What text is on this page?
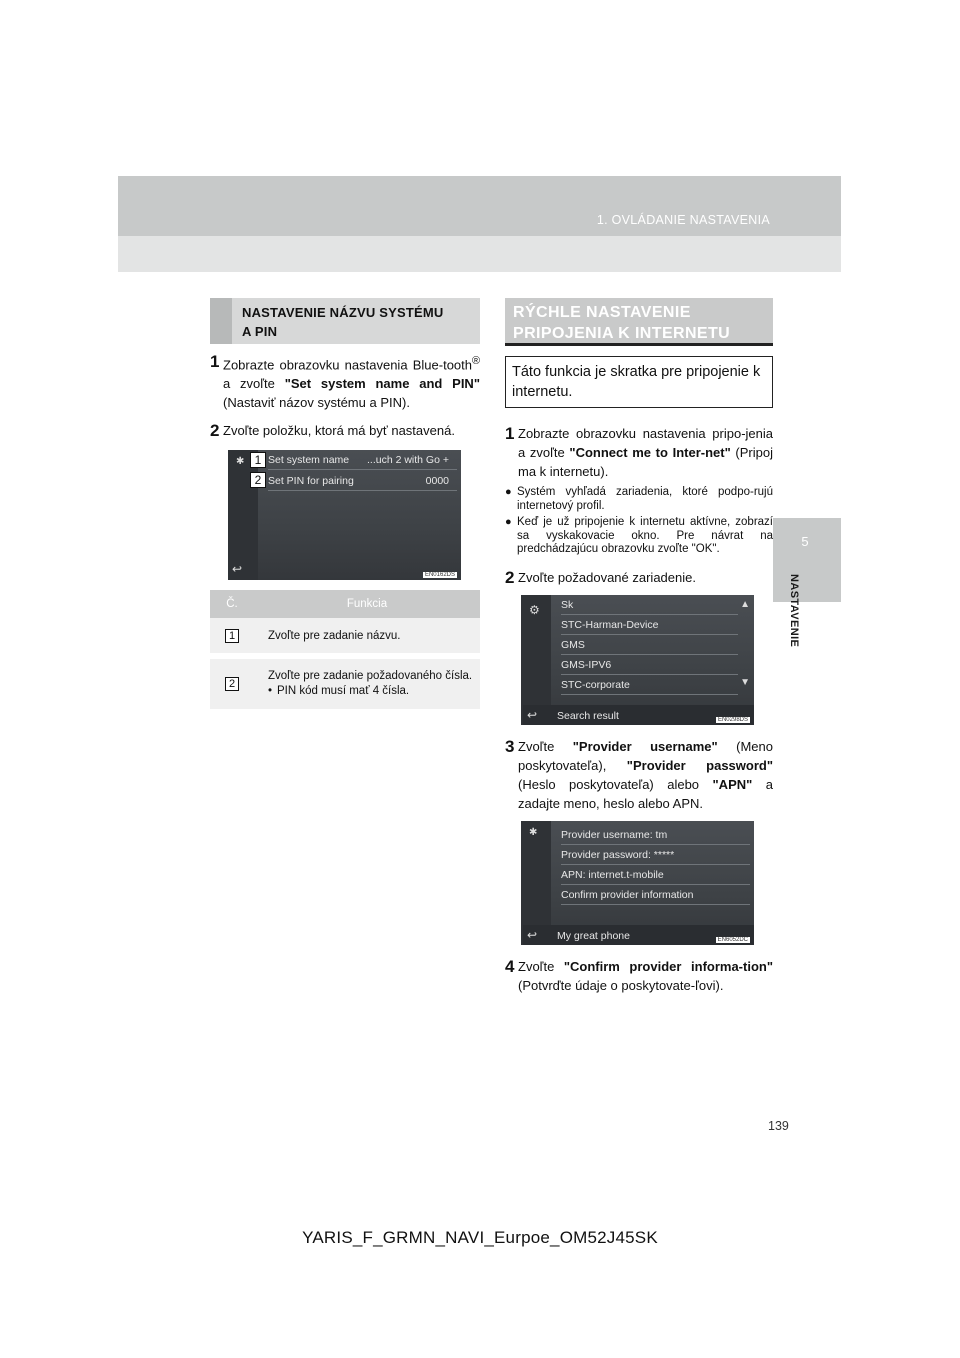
1. OVLÁDANIE NASTAVENIA
5
NASTAVENIE
NASTAVENIE NÁZVU SYSTÉMU
A PIN
1 Zobrazte obrazovku nastavenia Blue-tooth® a zvoľte "Set system name and PIN" (Nastaviť názov systému a PIN).
2 Zvoľte položku, ktorá má byť nastavená.
✱ Set system name ...uch 2 with Go +
Set PIN for pairing	0000
1
2
↩	EN0162DS
Č.	Funkcia
1	Zvoľte pre zadanie názvu.
2	Zvoľte pre zadanie požadovaného čísla.
• PIN kód musí mať 4 čísla.
RÝCHLE NASTAVENIE
PRIPOJENIA K INTERNETU
Táto funkcia je skratka pre pripojenie k internetu.
1 Zobrazte obrazovku nastavenia pripo-jenia a zvoľte "Connect me to Inter-net" (Pripoj ma k internetu).
● Systém vyhľadá zariadenia, ktoré podpo-rujú internetový profil.
● Keď je už pripojenie k internetu aktívne, zobrazí sa vyskakovacie okno. Pre návrat na predchádzajúcu obrazovku zvoľte "OK".
2 Zvoľte požadované zariadenie.
⚙ Sk
STC-Harman-Device
GMS
GMS-IPV6
STC-corporate
▲
▼
↩ Search result	EN0298DS
3 Zvoľte "Provider username" (Meno poskytovateľa), "Provider password" (Heslo poskytovateľa) alebo "APN" a zadajte meno, heslo alebo APN.
✱ Provider username: tm
Provider password: *****
APN: internet.t-mobile
Confirm provider information
↩ My great phone	EN6052DC
4 Zvoľte "Confirm provider informa-tion" (Potvrďte údaje o poskytovate-ľovi).
139
YARIS_F_GRMN_NAVI_Eurpoe_OM52J45SK
